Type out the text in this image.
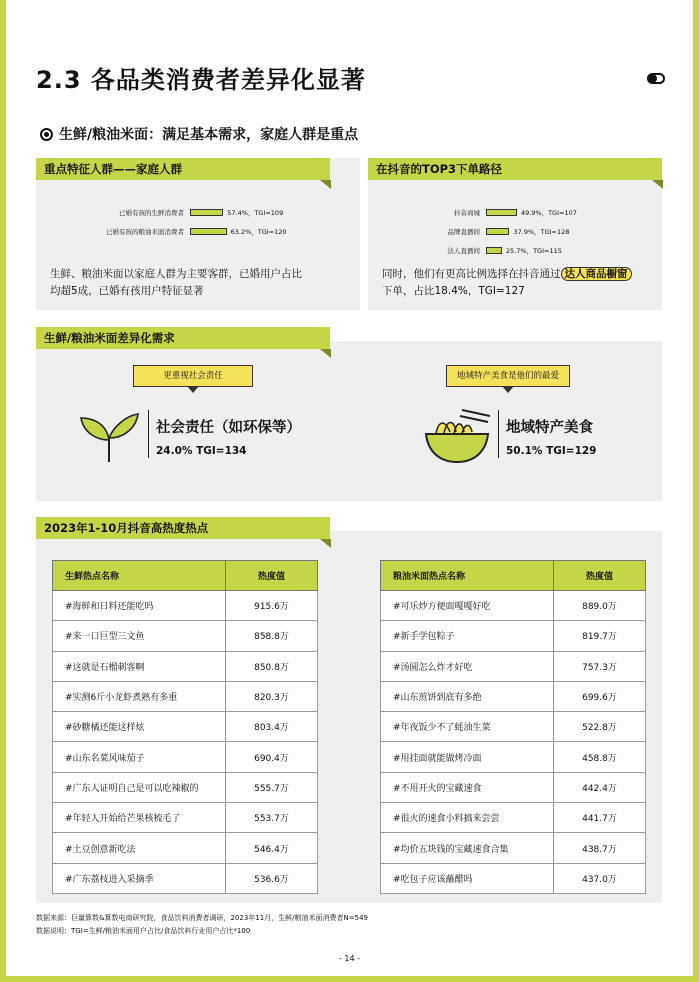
2.3 各品类消费者差异化显著
生鲜/粮油米面：满足基本需求，家庭人群是重点
重点特征人群——家庭人群
已婚有孩的生鲜消费者	57.4%，TGI=109
已婚有孩的粮油米面消费者	63.2%，TGI=120
生鲜、粮油米面以家庭人群为主要客群，已婚用户占比
均超5成，已婚有孩用户特征显著
在抖音的TOP3下单路径
抖音商城	49.9%，TGI=107
品牌直播间	37.9%，TGI=128
达人直播间	25.7%，TGI=115
同时，他们有更高比例选择在抖音通过 达人商品橱窗
下单，占比18.4%，TGI=127
生鲜/粮油米面差异化需求
更重视社会责任
社会责任（如环保等）
24.0% TGI=134
地域特产美食是他们的最爱
地域特产美食
50.1% TGI=129
2023年1-10月抖音高热度热点
生鲜热点名称	热度值
#海鲜和日料还能吃吗	915.6万
#来一口巨型三文鱼	858.8万
#这就是石榴刺客啊	850.8万
#实测6斤小龙虾煮熟有多重	820.3万
#砂糖橘还能这样炫	803.4万
#山东名菜风味茄子	690.4万
#广东人证明自己是可以吃辣椒的	555.7万
#年轻人开始给芒果核梳毛了	553.7万
#土豆创意新吃法	546.4万
#广东荔枝进入采摘季	536.6万
粮油米面热点名称	热度值
#可乐炒方便面嘎嘎好吃	889.0万
#新手学包粽子	819.7万
#汤圆怎么炸才好吃	757.3万
#山东煎饼到底有多绝	699.6万
#年夜饭少不了蚝油生菜	522.8万
#用挂面就能做烤冷面	458.8万
#不用开火的宝藏速食	442.4万
#很火的速食小料搞来尝尝	441.7万
#均价五块钱的宝藏速食合集	438.7万
#吃包子应该蘸醋吗	437.0万
数据来源：巨量算数&算数电商研究院，食品饮料消费者调研，2023年11月，生鲜/粮油米面消费者N=549
数据说明：TGI=生鲜/粮油米面用户占比/食品饮料行业用户占比*100
- 14 -
